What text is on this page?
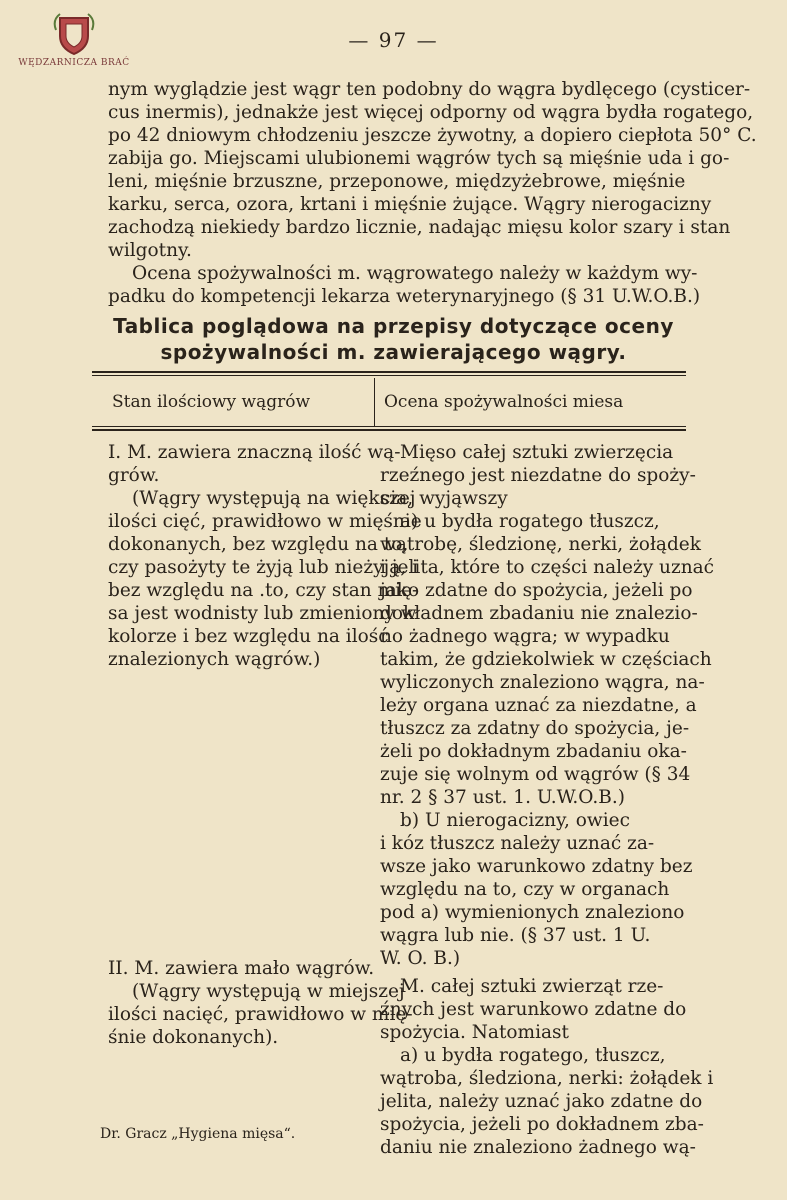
WĘDZARNICZA BRAĆ
— 97 —
nym wyglądzie jest wągr ten podobny do wągra bydlęcego (cysticer-
cus inermis), jednakże jest więcej odporny od wągra bydła rogatego,
po 42 dniowym chłodzeniu jeszcze żywotny, a dopiero ciepłota 50° C.
zabija go. Miejscami ulubionemi wągrów tych są mięśnie uda i go-
leni, mięśnie brzuszne, przeponowe, międzyżebrowe, mięśnie
karku, serca, ozora, krtani i mięśnie żujące. Wągry nierogacizny
zachodzą niekiedy bardzo licznie, nadając mięsu kolor szary i stan
wilgotny.
Ocena spożywalności m. wągrowatego należy w każdym wy-
padku do kompetencji lekarza weterynaryjnego (§ 31 U.W.O.B.)
Tablica poglądowa na przepisy dotyczące oceny
spożywalności m. zawierającego wągry.
Stan ilościowy wągrów	Ocena spożywalności miesa
I. M. zawiera znaczną ilość wą-
grów.
(Wągry występują na większej
ilości cięć, prawidłowo w mięśnie
dokonanych, bez względu na to,
czy pasożyty te żyją lub nieżyją, i
bez względu na .to, czy stan mię-
sa jest wodnisty lub zmieniony w
kolorze i bez względu na ilość
znalezionych wągrów.)
Mięso całej sztuki zwierzęcia
rzeźnego jest niezdatne do spoży-
cia, wyjąwszy
a) u bydła rogatego tłuszcz,
wątrobę, śledzionę, nerki, żołądek
i jelita, które to części należy uznać
jako zdatne do spożycia, jeżeli po
dokładnem zbadaniu nie znalezio-
no żadnego wągra; w wypadku
takim, że gdziekolwiek w częściach
wyliczonych znaleziono wągra, na-
leży organa uznać za niezdatne, a
tłuszcz za zdatny do spożycia, je-
żeli po dokładnym zbadaniu oka-
zuje się wolnym od wągrów (§ 34
nr. 2 § 37 ust. 1. U.W.O.B.)
b) U nierogacizny, owiec
i kóz tłuszcz należy uznać za-
wsze jako warunkowo zdatny bez
względu na to, czy w organach
pod a) wymienionych znaleziono
wągra lub nie. (§ 37 ust. 1 U.
W. O. B.)
II. M. zawiera mało wągrów.
(Wągry występują w miejszej
ilości nacięć, prawidłowo w mię-
śnie dokonanych).
M. całej sztuki zwierząt rze-
źnych jest warunkowo zdatne do
spożycia. Natomiast
a) u bydła rogatego, tłuszcz,
wątroba, śledziona, nerki: żołądek i
jelita, należy uznać jako zdatne do
spożycia, jeżeli po dokładnem zba-
daniu nie znaleziono żadnego wą-
Dr. Gracz „Hygiena mięsa“.
